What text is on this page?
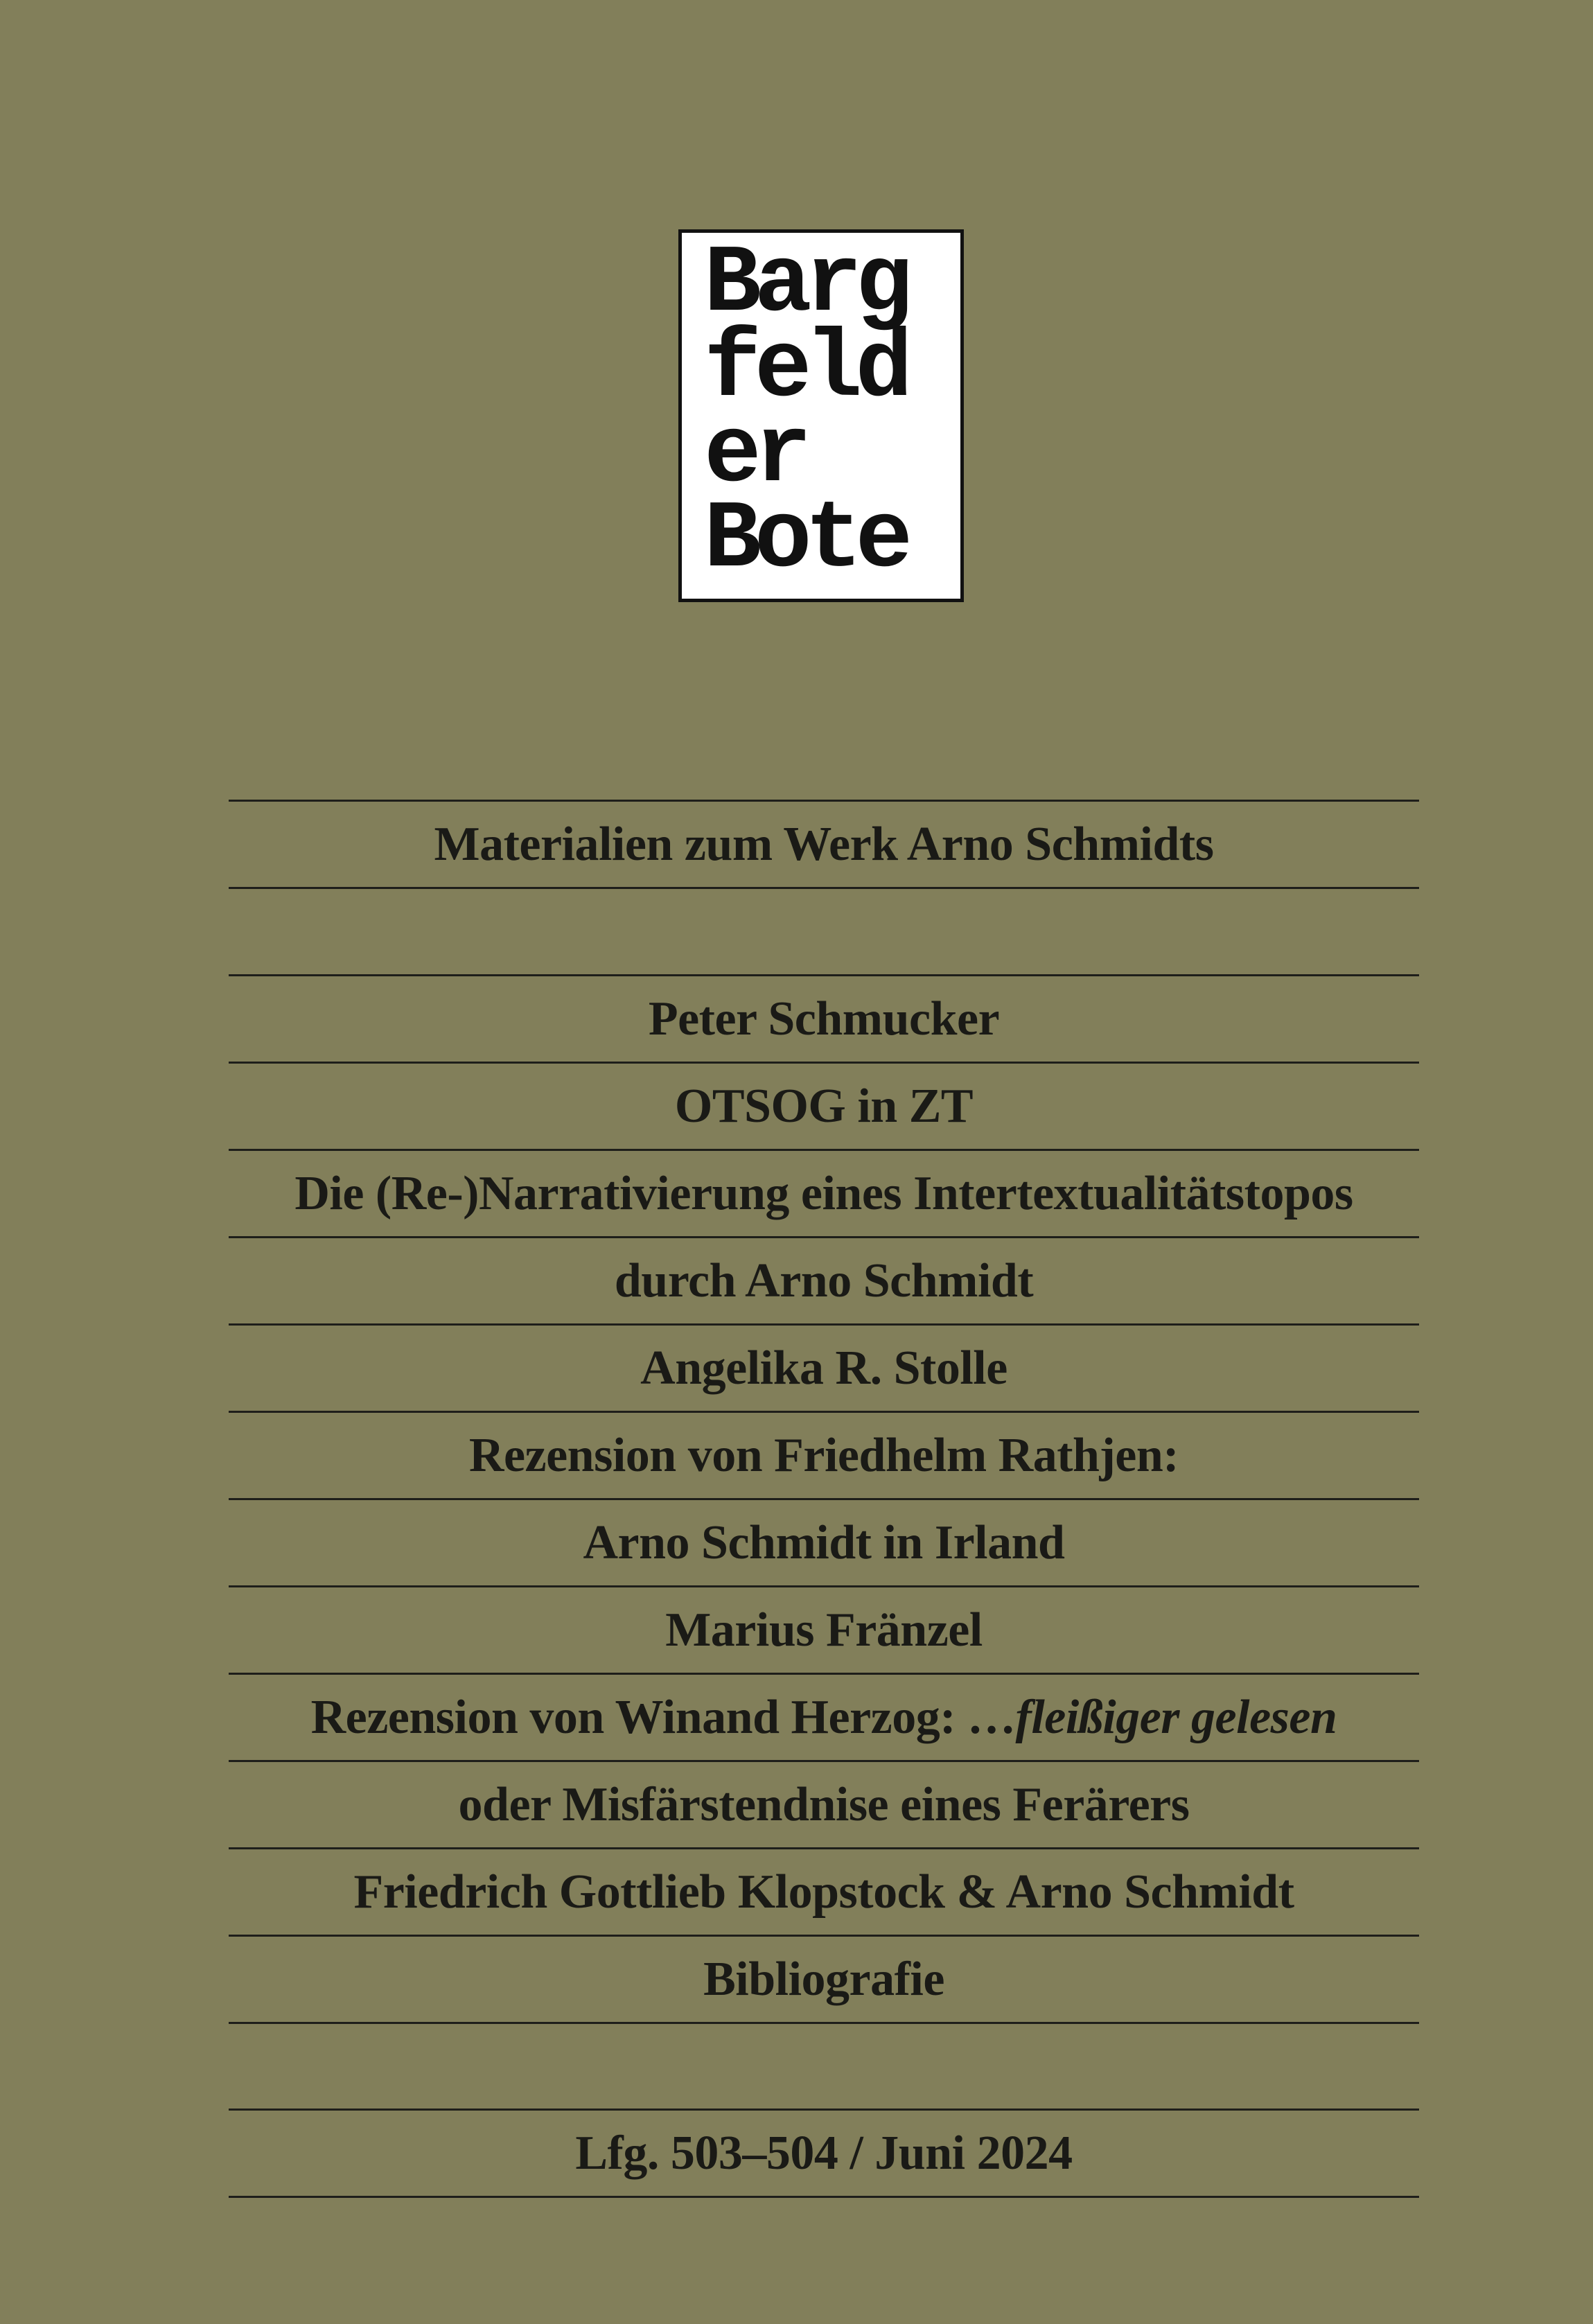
Barg
feld
er
Bote
Materialien zum Werk Arno Schmidts
Peter Schmucker
OTSOG in ZT
Die (Re-)Narrativierung eines Intertextualitätstopos
durch Arno Schmidt
Angelika R. Stolle
Rezension von Friedhelm Rathjen:
Arno Schmidt in Irland
Marius Fränzel
Rezension von Winand Herzog: … fleißiger gelesen
oder Misfärstendnise eines Ferärers
Friedrich Gottlieb Klopstock & Arno Schmidt
Bibliografie
Lfg. 503–504 / Juni 2024
